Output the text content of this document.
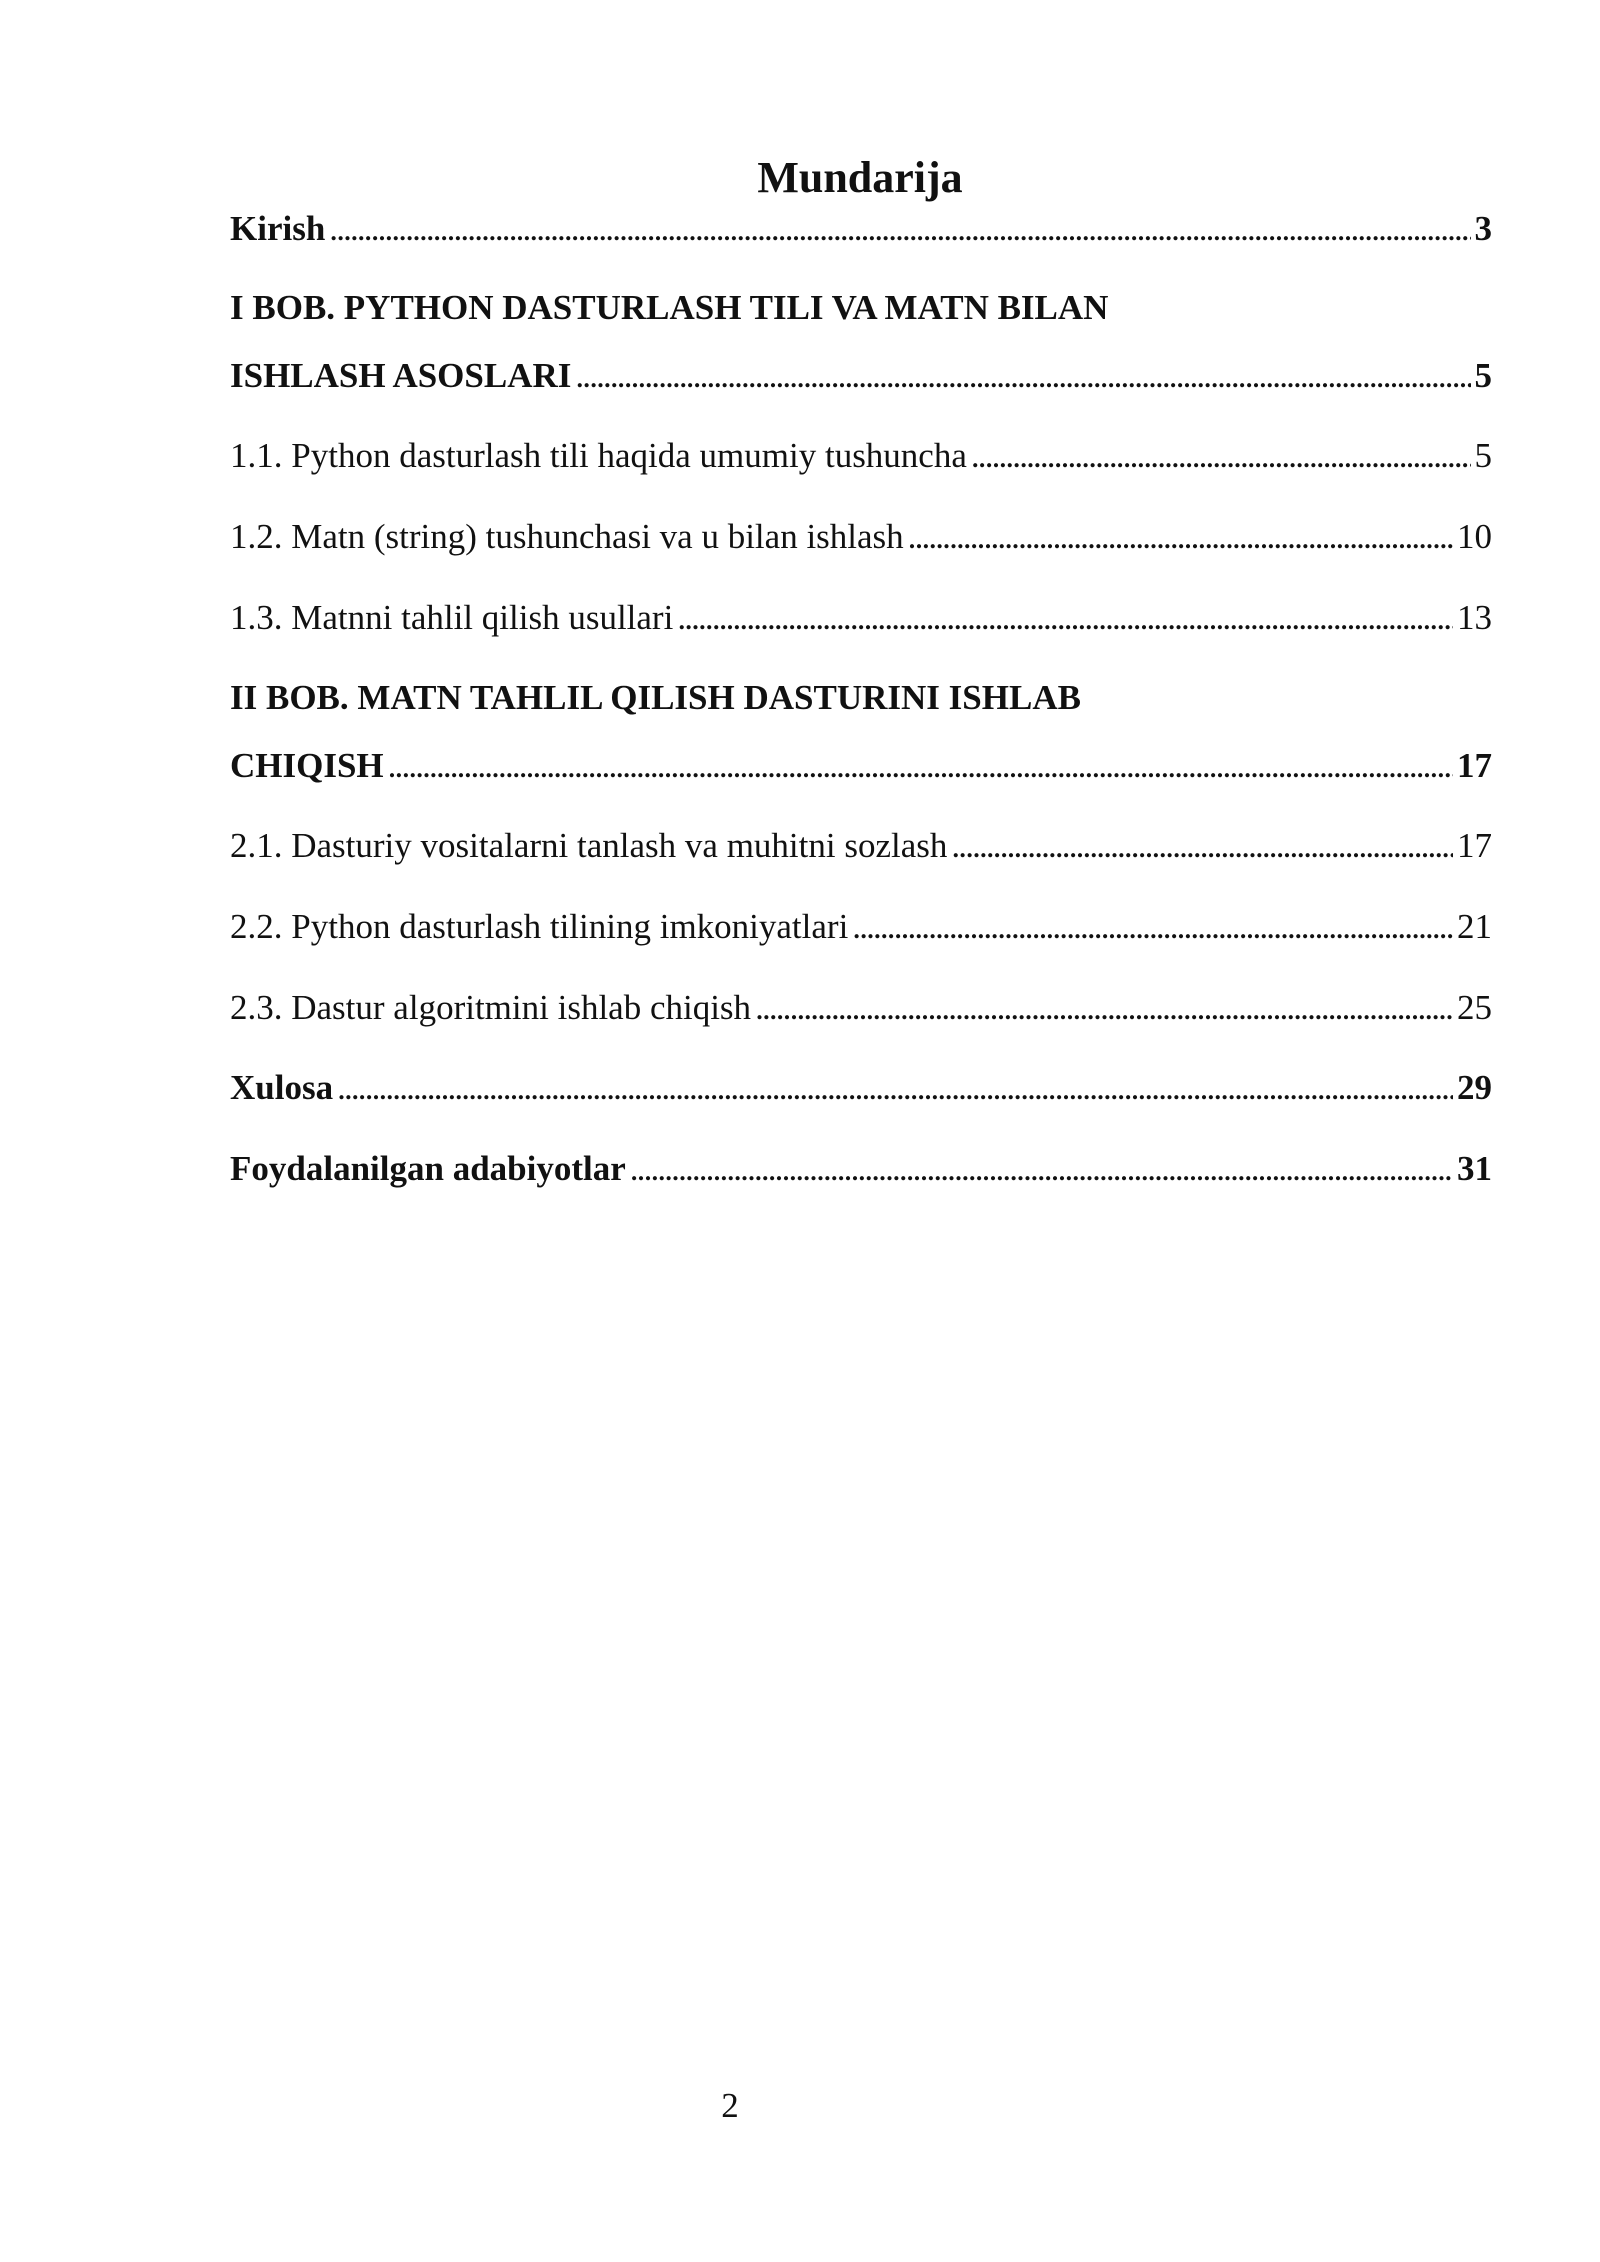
Mundarija
Kirish . . .	3
I BOB. PYTHON DASTURLASH TILI VA MATN BILAN
ISHLASH ASOSLARI . . .	5
1.1. Python dasturlash tili haqida umumiy tushuncha . . .	5
1.2. Matn (string) tushunchasi va u bilan ishlash . . .	10
1.3. Matnni tahlil qilish usullari . . .	13
II BOB. MATN TAHLIL QILISH DASTURINI ISHLAB
CHIQISH . . .	17
2.1. Dasturiy vositalarni tanlash va muhitni sozlash . . .	17
2.2. Python dasturlash tilining imkoniyatlari . . .	21
2.3. Dastur algoritmini ishlab chiqish . . .	25
Xulosa . . .	29
Foydalanilgan adabiyotlar . . .	31
2
